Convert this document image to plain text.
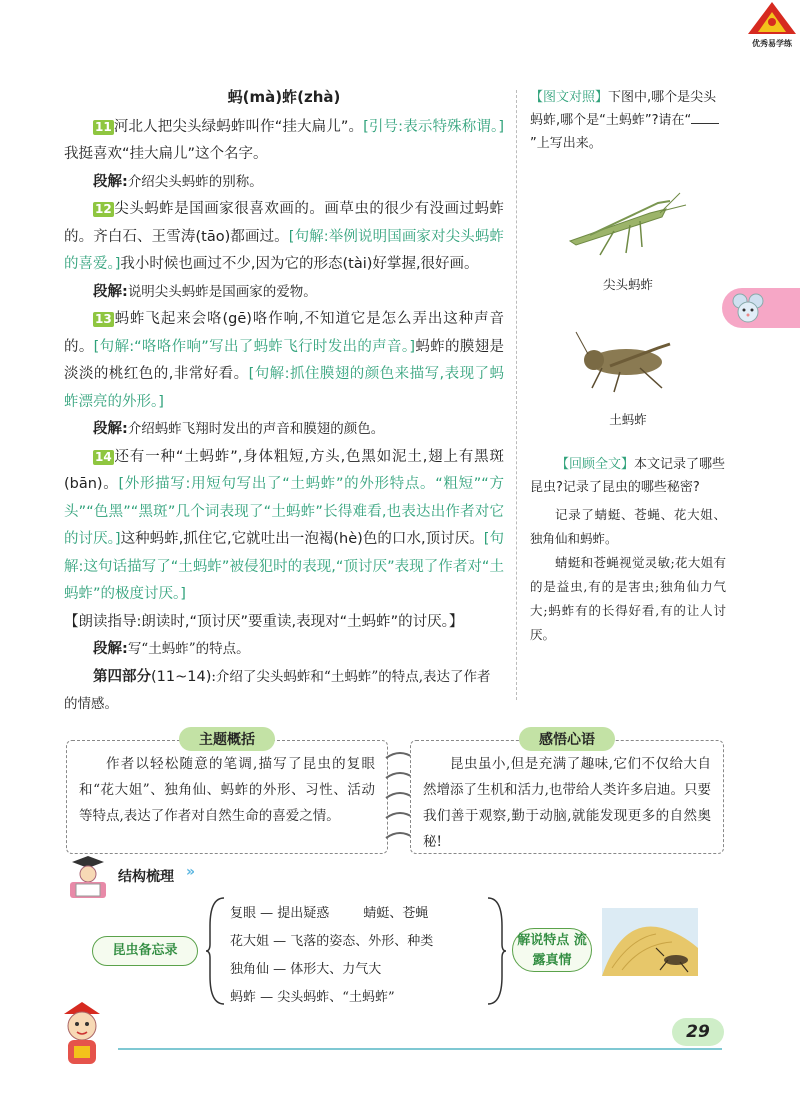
优秀易学练

蚂(mà)蚱(zhà)

11 河北人把尖头绿蚂蚱叫作“挂大扁儿”。[引号:表示特殊称谓。]我挺喜欢“挂大扁儿”这个名字。

段解:介绍尖头蚂蚱的别称。

12 尖头蚂蚱是国画家很喜欢画的。画草虫的很少有没画过蚂蚱的。齐白石、王雪涛(tāo)都画过。[句解:举例说明国画家对尖头蚂蚱的喜爱。]我小时候也画过不少,因为它的形态(tài)好掌握,很好画。

段解:说明尖头蚂蚱是国画家的爱物。

13 蚂蚱飞起来会咯(gē)咯作响,不知道它是怎么弄出这种声音的。[句解:“咯咯作响”写出了蚂蚱飞行时发出的声音。]蚂蚱的膜翅是淡淡的桃红色的,非常好看。[句解:抓住膜翅的颜色来描写,表现了蚂蚱漂亮的外形。]

段解:介绍蚂蚱飞翔时发出的声音和膜翅的颜色。

14 还有一种“土蚂蚱”,身体粗短,方头,色黑如泥土,翅上有黑斑(bān)。[外形描写:用短句写出了“土蚂蚱”的外形特点。“粗短”“方头”“色黑”“黑斑”几个词表现了“土蚂蚱”长得难看,也表达出作者对它的讨厌。]这种蚂蚱,抓住它,它就吐出一泡褐(hè)色的口水,顶讨厌。[句解:这句话描写了“土蚂蚱”被侵犯时的表现,“顶讨厌”表现了作者对“土蚂蚱”的极度讨厌。]

【朗读指导:朗读时,“顶讨厌”要重读,表现对“土蚂蚱”的讨厌。】

段解:写“土蚂蚱”的特点。

第四部分(11~14):介绍了尖头蚂蚱和“土蚂蚱”的特点,表达了作者的情感。

【图文对照】下图中,哪个是尖头蚂蚱,哪个是“土蚂蚱”?请在“”上写出来。
尖头蚂蚱
土蚂蚱
【回顾全文】本文记录了哪些昆虫?记录了昆虫的哪些秘密?
记录了蜻蜓、苍蝇、花大姐、独角仙和蚂蚱。
蜻蜓和苍蝇视觉灵敏;花大姐有的是益虫,有的是害虫;独角仙力气大;蚂蚱有的长得好看,有的让人讨厌。
主题概括
作者以轻松随意的笔调,描写了昆虫的复眼和“花大姐”、独角仙、蚂蚱的外形、习性、活动等特点,表达了作者对自然生命的喜爱之情。
感悟心语
昆虫虽小,但是充满了趣味,它们不仅给大自然增添了生机和活力,也带给人类许多启迪。只要我们善于观察,勤于动脑,就能发现更多的自然奥秘!
结构梳理 »
昆虫备忘录
复眼 — 提出疑惑	蜻蜓、苍蝇
花大姐 — 飞落的姿态、外形、种类
独角仙 — 体形大、力气大
蚂蚱 — 尖头蚂蚱、“土蚂蚱”
解说特点 流露真情
29
